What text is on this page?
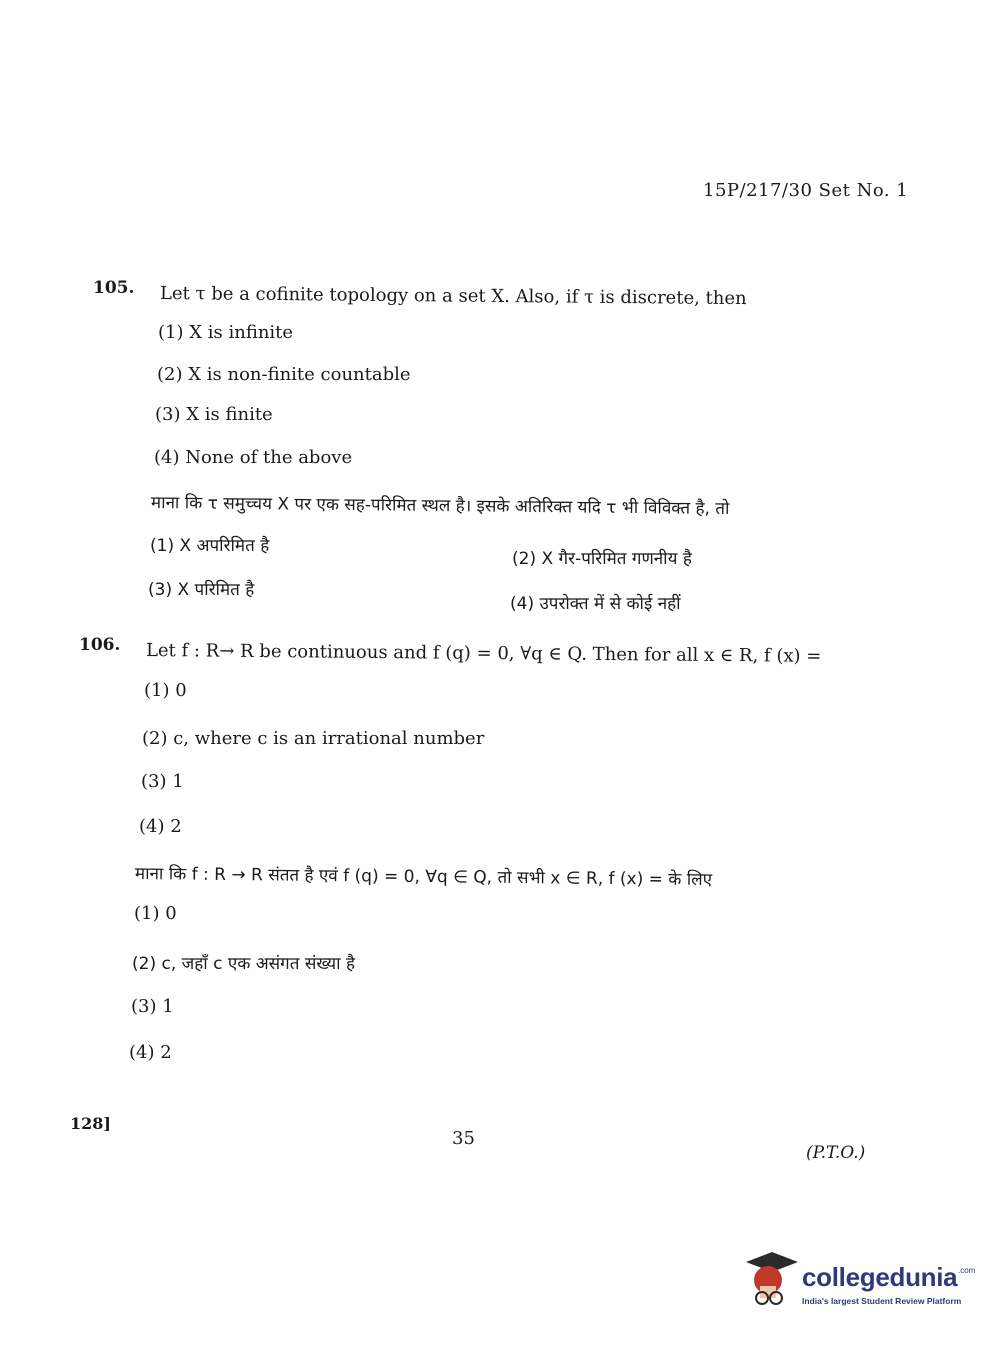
15P/217/30 Set No. 1
105. Let τ be a cofinite topology on a set X. Also, if τ is discrete, then
(1) X is infinite
(2) X is non-finite countable
(3) X is finite
(4) None of the above
माना कि τ समुच्चय X पर एक सह-परिमित स्थल है। इसके अतिरिक्त यदि τ भी विविक्त है, तो
(1) X अपरिमित है
(2) X गैर-परिमित गणनीय है
(3) X परिमित है
(4) उपरोक्त में से कोई नहीं
106. Let f : R→ R be continuous and f (q) = 0, ∀q ∈ Q. Then for all x ∈ R, f (x) =
(1) 0
(2) c, where c is an irrational number
(3) 1
(4) 2
माना कि f : R → R संतत है एवं f (q) = 0, ∀q ∈ Q, तो सभी x ∈ R, f (x) = के लिए
(1) 0
(2) c, जहाँ c एक असंगत संख्या है
(3) 1
(4) 2
128]
35
(P.T.O.)
collegedunia .com
India's largest Student Review Platform
